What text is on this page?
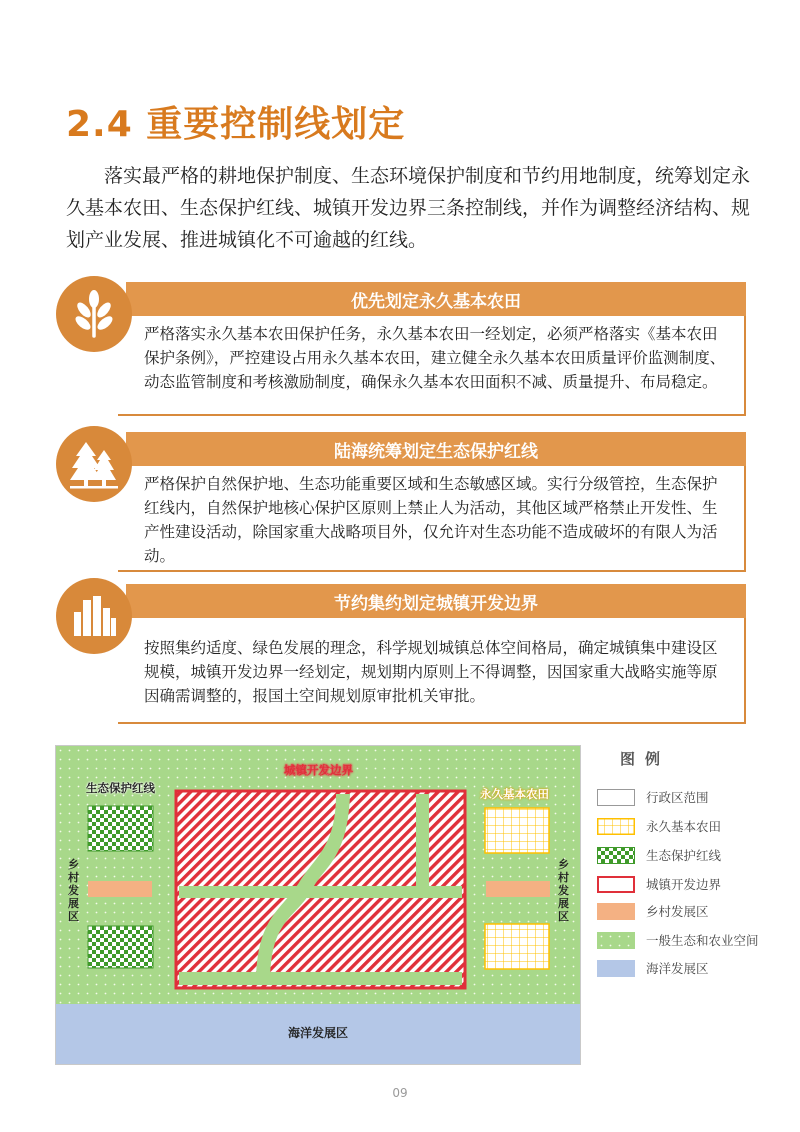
2.4 重要控制线划定
落实最严格的耕地保护制度、生态环境保护制度和节约用地制度，统筹划定永久基本农田、生态保护红线、城镇开发边界三条控制线，并作为调整经济结构、规划产业发展、推进城镇化不可逾越的红线。
优先划定永久基本农田
严格落实永久基本农田保护任务，永久基本农田一经划定，必须严格落实《基本农田保护条例》，严控建设占用永久基本农田，建立健全永久基本农田质量评价监测制度、动态监管制度和考核激励制度，确保永久基本农田面积不减、质量提升、布局稳定。
陆海统筹划定生态保护红线
严格保护自然保护地、生态功能重要区域和生态敏感区域。实行分级管控，生态保护红线内，自然保护地核心保护区原则上禁止人为活动，其他区域严格禁止开发性、生产性建设活动，除国家重大战略项目外，仅允许对生态功能不造成破坏的有限人为活动。
节约集约划定城镇开发边界
按照集约适度、绿色发展的理念，科学规划城镇总体空间格局，确定城镇集中建设区规模，城镇开发边界一经划定，规划期内原则上不得调整，因国家重大战略实施等原因确需调整的，报国土空间规划原审批机关审批。
城镇开发边界
生态保护红线	永久基本农田
乡村发展区
乡村发展区
海洋发展区
图例
行政区范围
永久基本农田
生态保护红线
城镇开发边界
乡村发展区
一般生态和农业空间
海洋发展区
09
